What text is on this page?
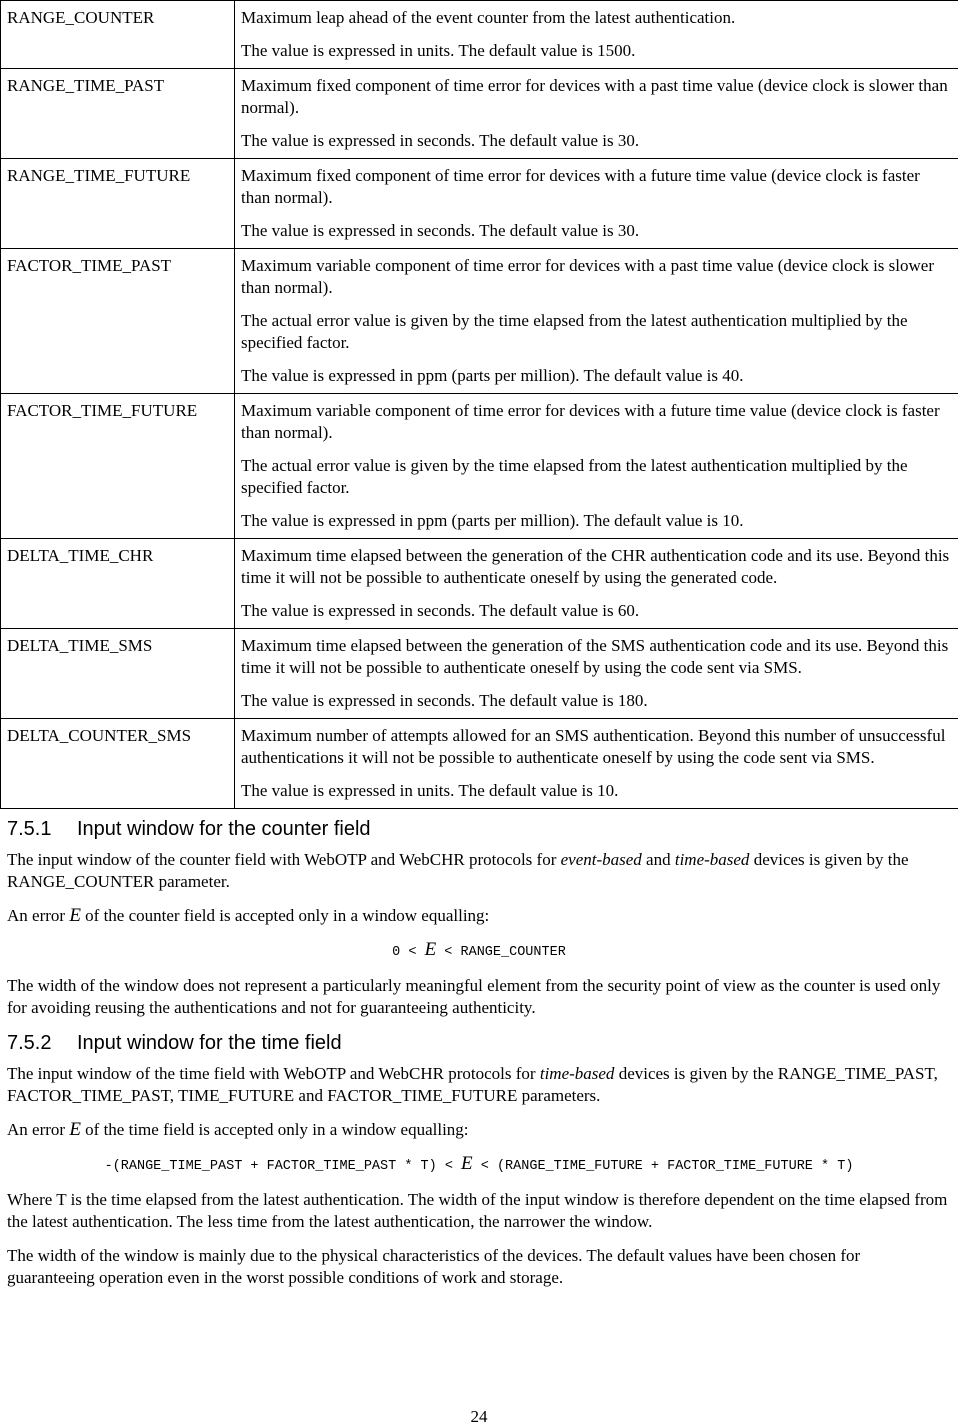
RANGE_COUNTER	Maximum leap ahead of the event counter from the latest authentication.

The value is expressed in units. The default value is 1500.

RANGE_TIME_PAST	Maximum fixed component of time error for devices with a past time value (device clock is slower than normal).

The value is expressed in seconds. The default value is 30.

RANGE_TIME_FUTURE	Maximum fixed component of time error for devices with a future time value (device clock is faster than normal).

The value is expressed in seconds. The default value is 30.

FACTOR_TIME_PAST	Maximum variable component of time error for devices with a past time value (device clock is slower than normal).

The actual error value is given by the time elapsed from the latest authentication multiplied by the specified factor.

The value is expressed in ppm (parts per million). The default value is 40.

FACTOR_TIME_FUTURE	Maximum variable component of time error for devices with a future time value (device clock is faster than normal).

The actual error value is given by the time elapsed from the latest authentication multiplied by the specified factor.

The value is expressed in ppm (parts per million). The default value is 10.

DELTA_TIME_CHR	Maximum time elapsed between the generation of the CHR authentication code and its use. Beyond this time it will not be possible to authenticate oneself by using the generated code.

The value is expressed in seconds. The default value is 60.

DELTA_TIME_SMS	Maximum time elapsed between the generation of the SMS authentication code and its use. Beyond this time it will not be possible to authenticate oneself by using the code sent via SMS.

The value is expressed in seconds. The default value is 180.

DELTA_COUNTER_SMS	Maximum number of attempts allowed for an SMS authentication. Beyond this number of unsuccessful authentications it will not be possible to authenticate oneself by using the code sent via SMS.

The value is expressed in units. The default value is 10.

7.5.1 Input window for the counter field

The input window of the counter field with WebOTP and WebCHR protocols for event-based and time-based devices is given by the RANGE_COUNTER parameter.

An error E of the counter field is accepted only in a window equalling:

0 < E < RANGE_COUNTER

The width of the window does not represent a particularly meaningful element from the security point of view as the counter is used only for avoiding reusing the authentications and not for guaranteeing authenticity.

7.5.2 Input window for the time field

The input window of the time field with WebOTP and WebCHR protocols for time-based devices is given by the RANGE_TIME_PAST, FACTOR_TIME_PAST, TIME_FUTURE and FACTOR_TIME_FUTURE parameters.

An error E of the time field is accepted only in a window equalling:

-(RANGE_TIME_PAST + FACTOR_TIME_PAST * T) < E < (RANGE_TIME_FUTURE + FACTOR_TIME_FUTURE * T)

Where T is the time elapsed from the latest authentication. The width of the input window is therefore dependent on the time elapsed from the latest authentication. The less time from the latest authentication, the narrower the window.

The width of the window is mainly due to the physical characteristics of the devices. The default values have been chosen for guaranteeing operation even in the worst possible conditions of work and storage.

24
